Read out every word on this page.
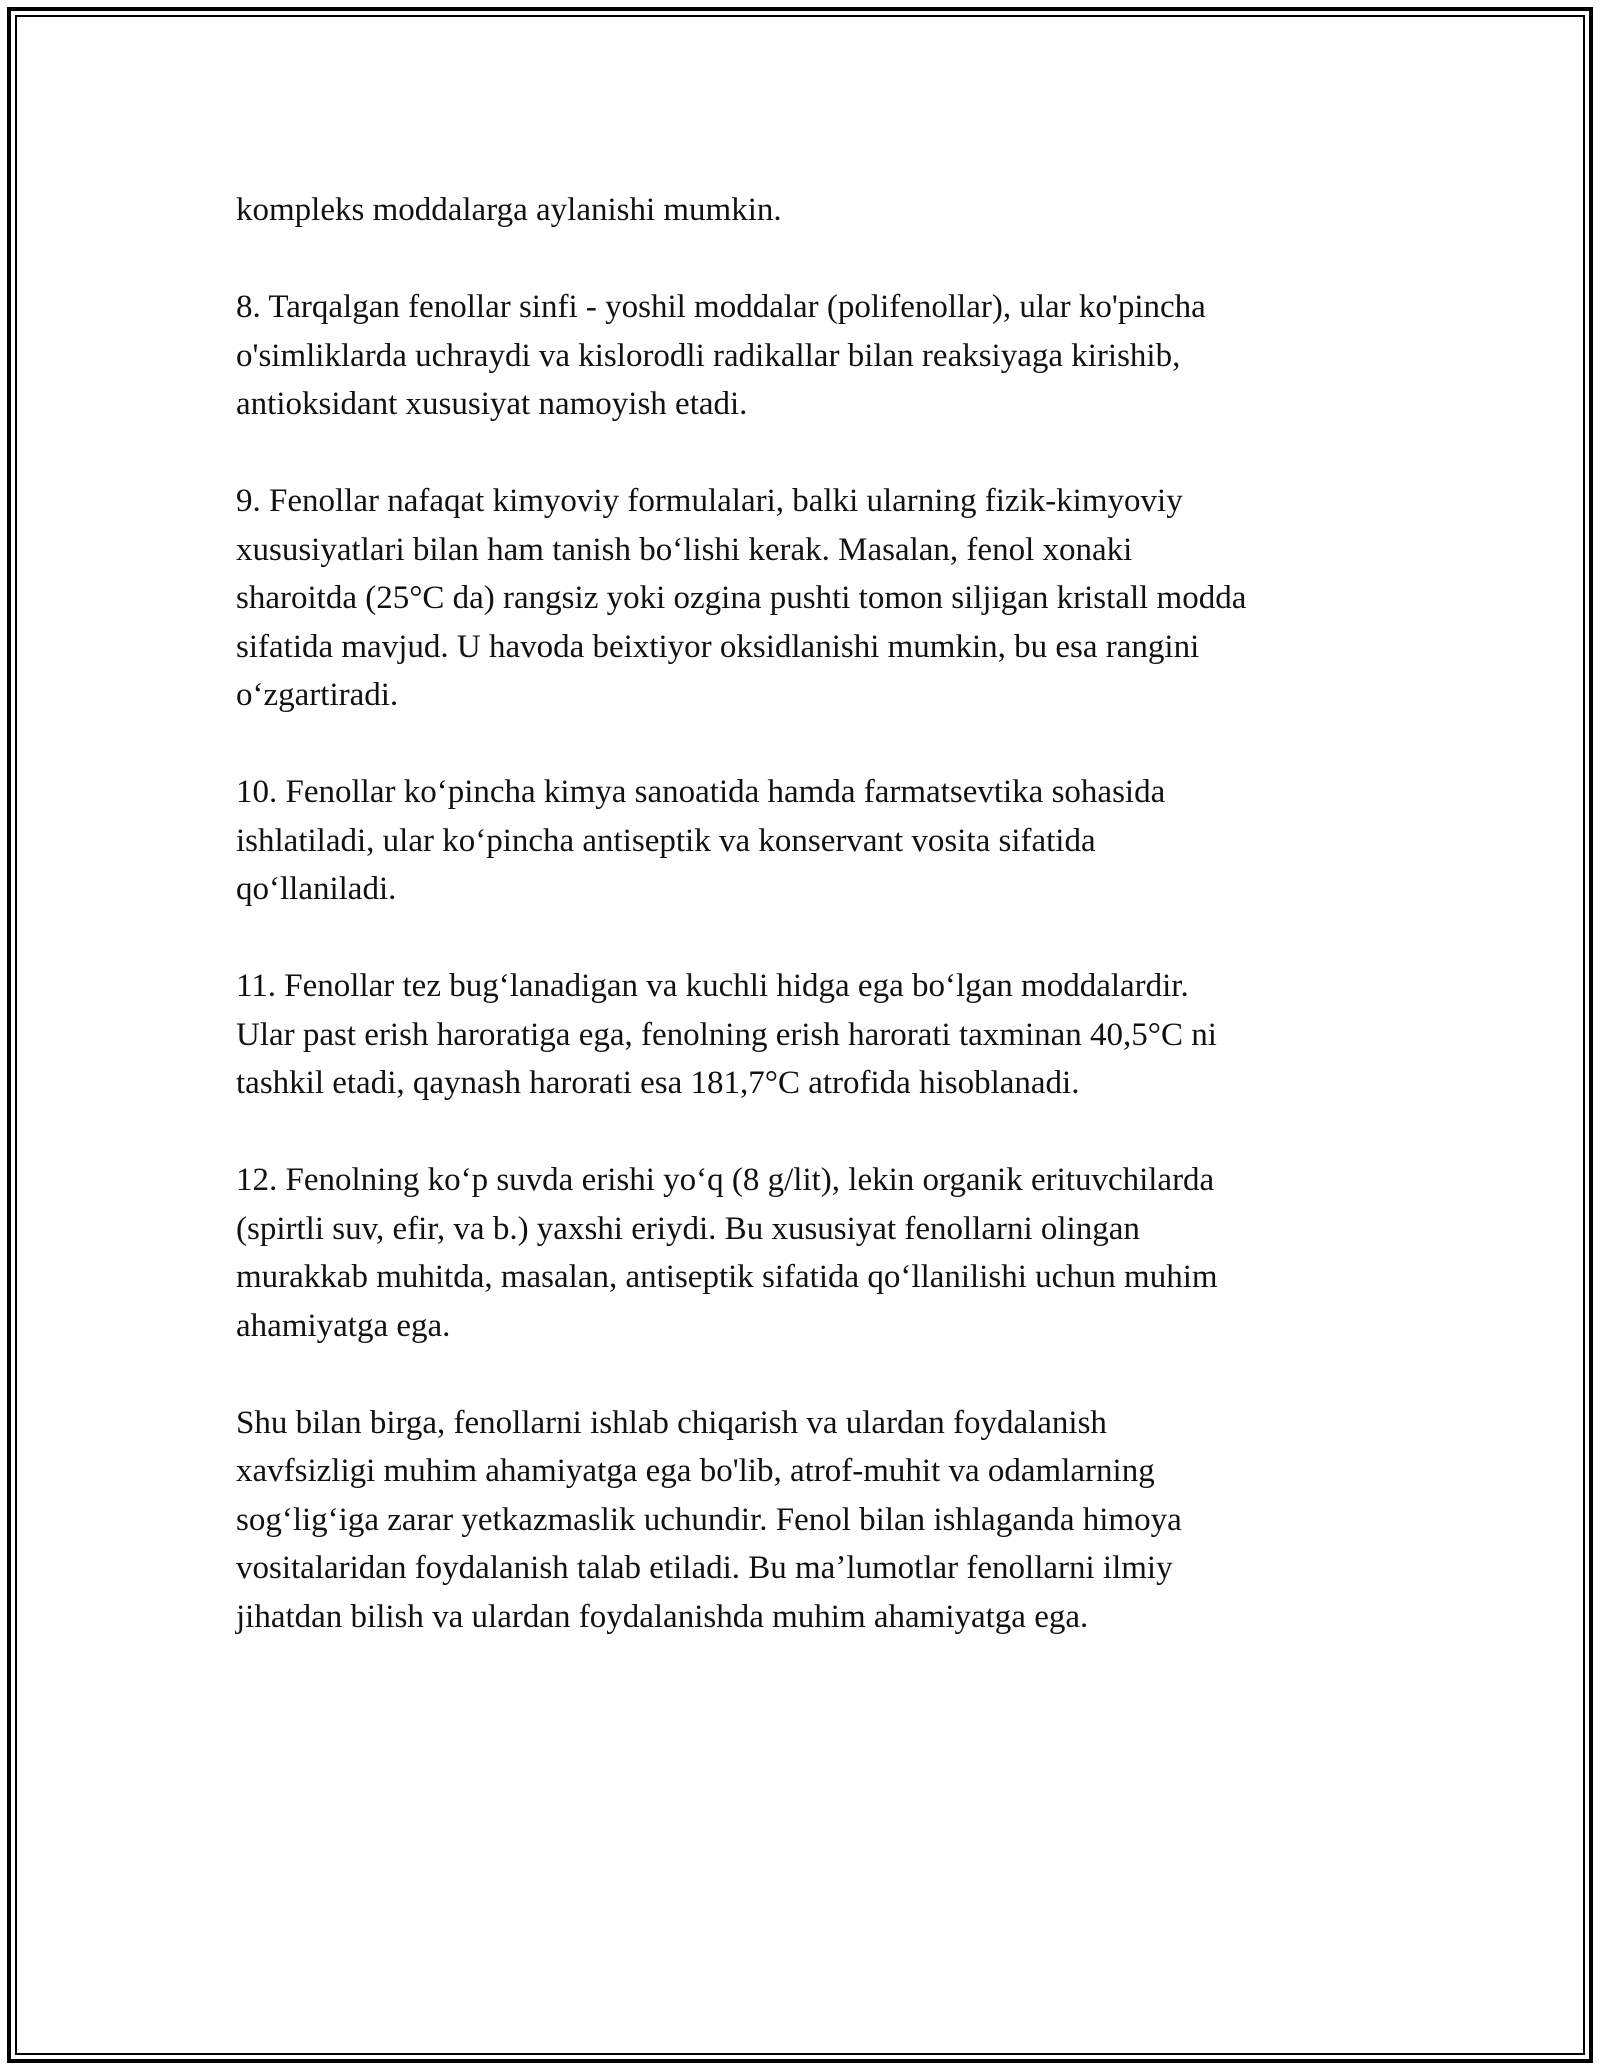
kompleks moddalarga aylanishi mumkin.

8. Tarqalgan fenollar sinfi - yoshil moddalar (polifenollar), ular ko'pincha
o'simliklarda uchraydi va kislorodli radikallar bilan reaksiyaga kirishib,
antioksidant xususiyat namoyish etadi.

9. Fenollar nafaqat kimyoviy formulalari, balki ularning fizik-kimyoviy
xususiyatlari bilan ham tanish boʻlishi kerak. Masalan, fenol xonaki
sharoitda (25°C da) rangsiz yoki ozgina pushti tomon siljigan kristall modda
sifatida mavjud. U havoda beixtiyor oksidlanishi mumkin, bu esa rangini
oʻzgartiradi.

10. Fenollar koʻpincha kimya sanoatida hamda farmatsevtika sohasida
ishlatiladi, ular koʻpincha antiseptik va konservant vosita sifatida
qoʻllaniladi.

11. Fenollar tez bugʻlanadigan va kuchli hidga ega boʻlgan moddalardir.
Ular past erish haroratiga ega, fenolning erish harorati taxminan 40,5°C ni
tashkil etadi, qaynash harorati esa 181,7°C atrofida hisoblanadi.

12. Fenolning koʻp suvda erishi yoʻq (8 g/lit), lekin organik erituvchilarda
(spirtli suv, efir, va b.) yaxshi eriydi. Bu xususiyat fenollarni olingan
murakkab muhitda, masalan, antiseptik sifatida qoʻllanilishi uchun muhim
ahamiyatga ega.

Shu bilan birga, fenollarni ishlab chiqarish va ulardan foydalanish
xavfsizligi muhim ahamiyatga ega bo'lib, atrof-muhit va odamlarning
sogʻligʻiga zarar yetkazmaslik uchundir. Fenol bilan ishlaganda himoya
vositalaridan foydalanish talab etiladi. Bu maʼlumotlar fenollarni ilmiy
jihatdan bilish va ulardan foydalanishda muhim ahamiyatga ega.
